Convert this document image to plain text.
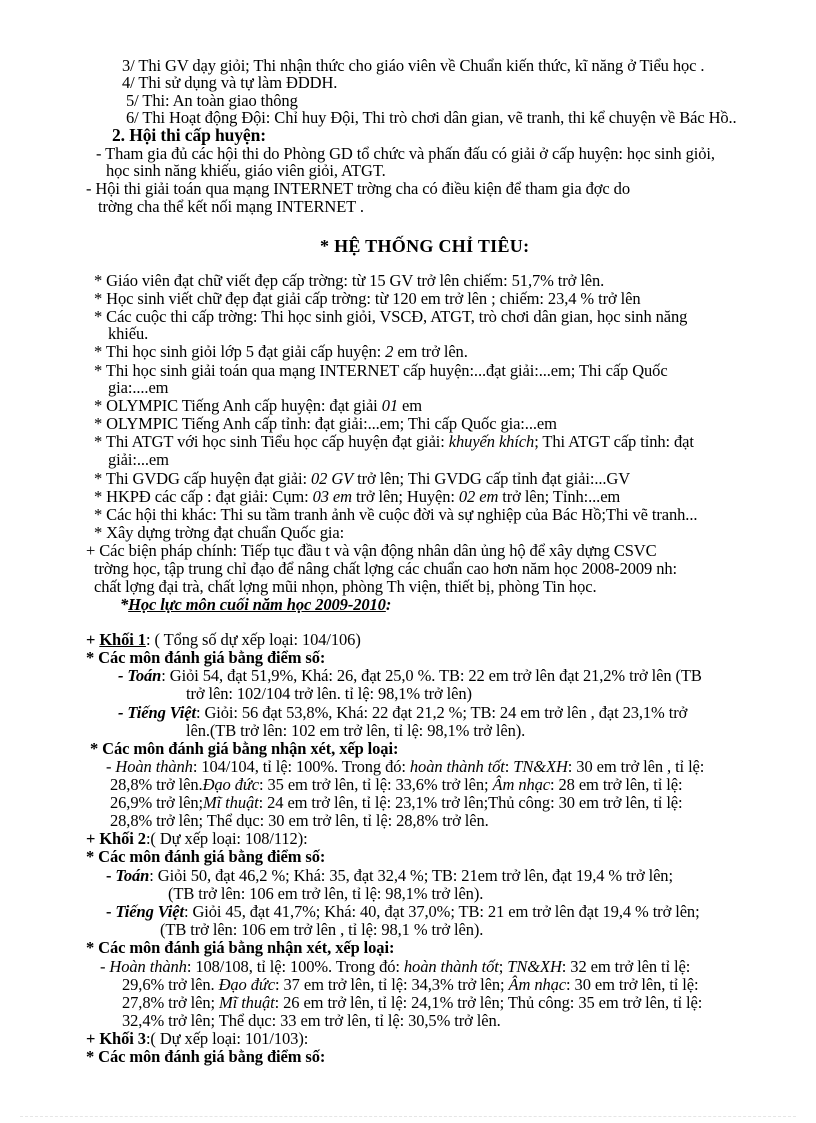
3/ Thi GV dạy giỏi; Thi nhận thức cho giáo viên về Chuẩn kiến thức, kĩ năng ở Tiểu học .
4/ Thi sử dụng và tự làm ĐDDH.
5/ Thi: An toàn giao thông
6/ Thi Hoạt động Đội: Chỉ huy Đội, Thi trò chơi dân gian, vẽ tranh, thi kể chuyện về Bác Hồ..
2. Hội thi cấp huyện:
- Tham gia đủ các hội thi do Phòng GD tổ chức và phấn đấu có giải ở cấp huyện: học sinh giỏi,
học sinh năng khiếu, giáo viên giỏi, ATGT.
- Hội thi giải toán qua mạng INTERNET trờng cha có điều kiện để tham gia đợc do
trờng cha thể kết nối mạng INTERNET .
* HỆ THỐNG CHỈ TIÊU:
* Giáo viên đạt chữ viết đẹp cấp trờng: từ 15 GV trở lên chiếm: 51,7% trở lên.
* Học sinh viết chữ đẹp đạt giải cấp trờng: từ 120 em trở lên ; chiếm: 23,4 % trở lên
* Các cuộc thi cấp trờng: Thi học sinh giỏi, VSCĐ, ATGT, trò chơi dân gian, học sinh năng
khiếu.
* Thi học sinh giỏi lớp 5 đạt giải cấp huyện: 2 em trở lên.
* Thi học sinh giải toán qua mạng INTERNET cấp huyện:...đạt giải:...em; Thi cấp Quốc
gia:....em
* OLYMPIC Tiếng Anh cấp huyện: đạt giải 01 em
* OLYMPIC Tiếng Anh cấp tỉnh: đạt giải:...em; Thi cấp Quốc gia:...em
* Thi ATGT với học sinh Tiểu học cấp huyện đạt giải: khuyến khích; Thi ATGT cấp tỉnh: đạt
giải:...em
* Thi GVDG cấp huyện đạt giải: 02 GV trở lên; Thi GVDG cấp tỉnh đạt giải:...GV
* HKPĐ các cấp : đạt giải: Cụm: 03 em trở lên; Huyện: 02 em trở lên; Tỉnh:...em
* Các hội thi khác: Thi su tầm tranh ảnh về cuộc đời và sự nghiệp của Bác Hồ;Thi vẽ tranh...
* Xây dựng trờng đạt chuẩn Quốc gia:
+ Các biện pháp chính: Tiếp tục đầu t và vận động nhân dân ủng hộ để xây dựng CSVC
trờng học, tập trung chỉ đạo để nâng chất lợng các chuẩn cao hơn năm học 2008-2009 nh:
chất lợng đại trà, chất lợng mũi nhọn, phòng Th viện, thiết bị, phòng Tin học.
*Học lực môn cuối năm học 2009-2010:
+ Khối 1: ( Tổng số dự xếp loại: 104/106)
* Các môn đánh giá bằng điểm số:
- Toán: Giỏi 54, đạt 51,9%, Khá: 26, đạt 25,0 %. TB: 22 em trở lên đạt 21,2% trở lên (TB
trở lên: 102/104 trở lên. tỉ lệ: 98,1% trở lên)
- Tiếng Việt: Giỏi: 56 đạt 53,8%, Khá: 22 đạt 21,2 %; TB: 24 em trở lên , đạt 23,1% trở
lên.(TB trở lên: 102 em trở lên, tỉ lệ: 98,1% trở lên).
* Các môn đánh giá bằng nhận xét, xếp loại:
- Hoàn thành: 104/104, tỉ lệ: 100%. Trong đó: hoàn thành tốt: TN&XH: 30 em trở lên , tỉ lệ:
28,8% trở lên.Đạo đức: 35 em trở lên, tỉ lệ: 33,6% trở lên; Âm nhạc: 28 em trở lên, tỉ lệ:
26,9% trở lên;Mĩ thuật: 24 em trở lên, tỉ lệ: 23,1% trở lên;Thủ công: 30 em trở lên, tỉ lệ:
28,8% trở lên; Thể dục: 30 em trở lên, tỉ lệ: 28,8% trở lên.
+ Khối 2:( Dự xếp loại: 108/112):
* Các môn đánh giá bằng điểm số:
- Toán: Giỏi 50, đạt 46,2 %; Khá: 35, đạt 32,4 %; TB: 21em trở lên, đạt 19,4 % trở lên;
(TB trở lên: 106 em trở lên, tỉ lệ: 98,1% trở lên).
- Tiếng Việt: Giỏi 45, đạt 41,7%; Khá: 40, đạt 37,0%; TB: 21 em trở lên đạt 19,4 % trở lên;
(TB trở lên: 106 em trở lên , tỉ lệ: 98,1 % trở lên).
* Các môn đánh giá bằng nhận xét, xếp loại:
- Hoàn thành: 108/108, tỉ lệ: 100%. Trong đó: hoàn thành tốt; TN&XH: 32 em trở lên tỉ lệ:
29,6% trở lên. Đạo đức: 37 em trở lên, tỉ lệ: 34,3% trở lên; Âm nhạc: 30 em trở lên, tỉ lệ:
27,8% trở lên; Mĩ thuật: 26 em trở lên, tỉ lệ: 24,1% trở lên; Thủ công: 35 em trở lên, tỉ lệ:
32,4% trở lên; Thể dục: 33 em trở lên, tỉ lệ: 30,5% trở lên.
+ Khối 3:( Dự xếp loại: 101/103):
* Các môn đánh giá bằng điểm số:
